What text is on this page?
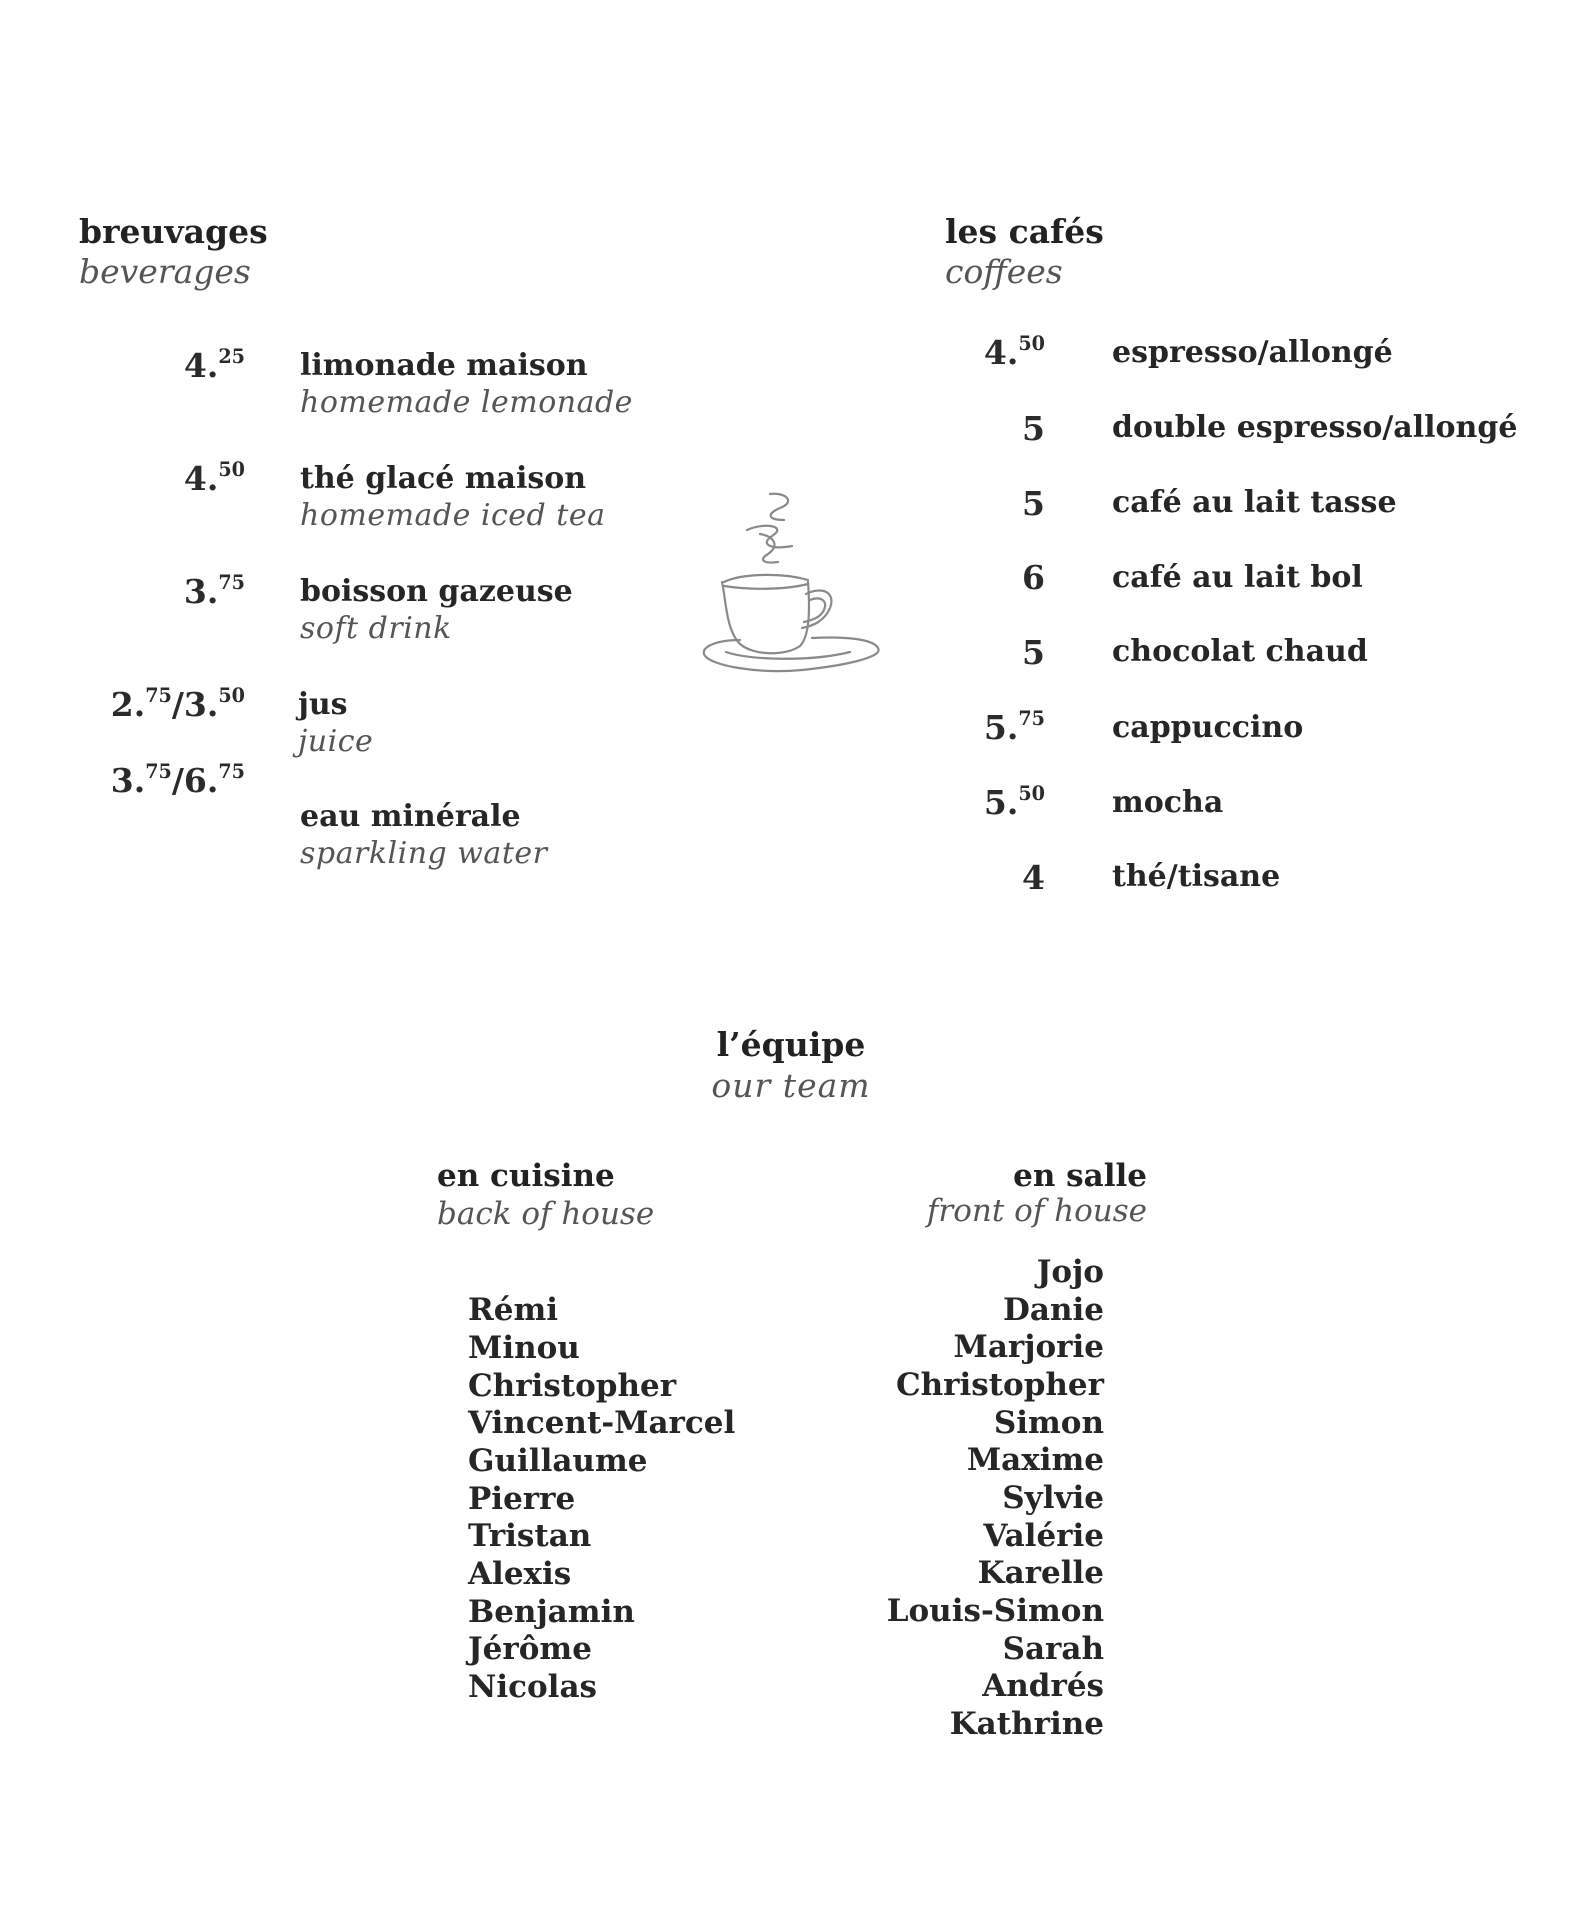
breuvages
beverages
4.25 limonade maison
homemade lemonade
4.50 thé glacé maison
homemade iced tea
3.75 boisson gazeuse
soft drink
2.75/3.50 jus
juice
3.75/6.75
eau minérale
sparkling water
les cafés
coffees
4.50 espresso/allongé
5 double espresso/allongé
5 café au lait tasse
6 café au lait bol
5 chocolat chaud
5.75 cappuccino
5.50 mocha
4 thé/tisane
l’équipe
our team
en cuisine
back of house
en salle
front of house
Rémi
Minou
Christopher
Vincent-Marcel
Guillaume
Pierre
Tristan
Alexis
Benjamin
Jérôme
Nicolas
Jojo
Danie
Marjorie
Christopher
Simon
Maxime
Sylvie
Valérie
Karelle
Louis-Simon
Sarah
Andrés
Kathrine
